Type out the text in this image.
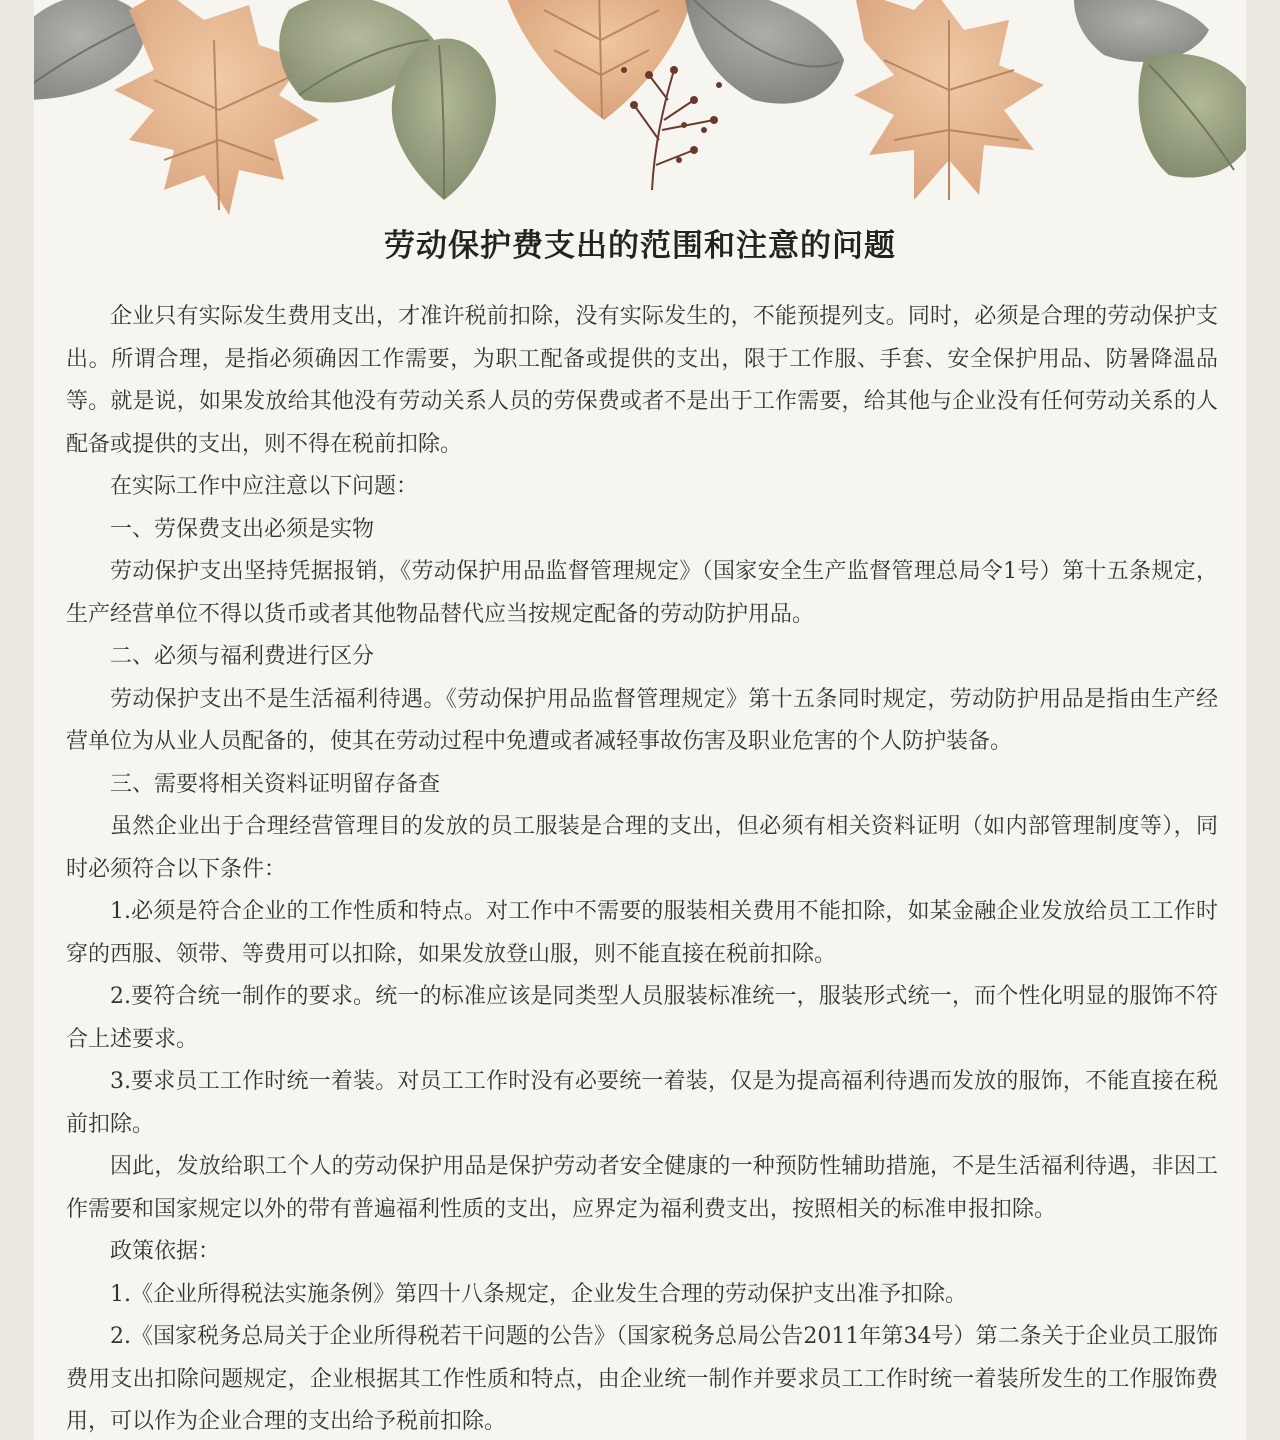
劳动保护费支出的范围和注意的问题

企业只有实际发生费用支出，才准许税前扣除，没有实际发生的，不能预提列支。同时，必须是合理的劳动保护支出。所谓合理，是指必须确因工作需要，为职工配备或提供的支出，限于工作服、手套、安全保护用品、防暑降温品等。就是说，如果发放给其他没有劳动关系人员的劳保费或者不是出于工作需要，给其他与企业没有任何劳动关系的人配备或提供的支出，则不得在税前扣除。

在实际工作中应注意以下问题：

一、劳保费支出必须是实物

劳动保护支出坚持凭据报销，《劳动保护用品监督管理规定》（国家安全生产监督管理总局令1号）第十五条规定，生产经营单位不得以货币或者其他物品替代应当按规定配备的劳动防护用品。

二、必须与福利费进行区分

劳动保护支出不是生活福利待遇。《劳动保护用品监督管理规定》第十五条同时规定，劳动防护用品是指由生产经营单位为从业人员配备的，使其在劳动过程中免遭或者减轻事故伤害及职业危害的个人防护装备。

三、需要将相关资料证明留存备查

虽然企业出于合理经营管理目的发放的员工服装是合理的支出，但必须有相关资料证明（如内部管理制度等），同时必须符合以下条件：

1.必须是符合企业的工作性质和特点。对工作中不需要的服装相关费用不能扣除，如某金融企业发放给员工工作时穿的西服、领带、等费用可以扣除，如果发放登山服，则不能直接在税前扣除。

2.要符合统一制作的要求。统一的标准应该是同类型人员服装标准统一，服装形式统一，而个性化明显的服饰不符合上述要求。

3.要求员工工作时统一着装。对员工工作时没有必要统一着装，仅是为提高福利待遇而发放的服饰，不能直接在税前扣除。

因此，发放给职工个人的劳动保护用品是保护劳动者安全健康的一种预防性辅助措施，不是生活福利待遇，非因工作需要和国家规定以外的带有普遍福利性质的支出，应界定为福利费支出，按照相关的标准申报扣除。

政策依据：

1.《企业所得税法实施条例》第四十八条规定，企业发生合理的劳动保护支出准予扣除。

2.《国家税务总局关于企业所得税若干问题的公告》（国家税务总局公告2011年第34号）第二条关于企业员工服饰费用支出扣除问题规定，企业根据其工作性质和特点，由企业统一制作并要求员工工作时统一着装所发生的工作服饰费用，可以作为企业合理的支出给予税前扣除。
